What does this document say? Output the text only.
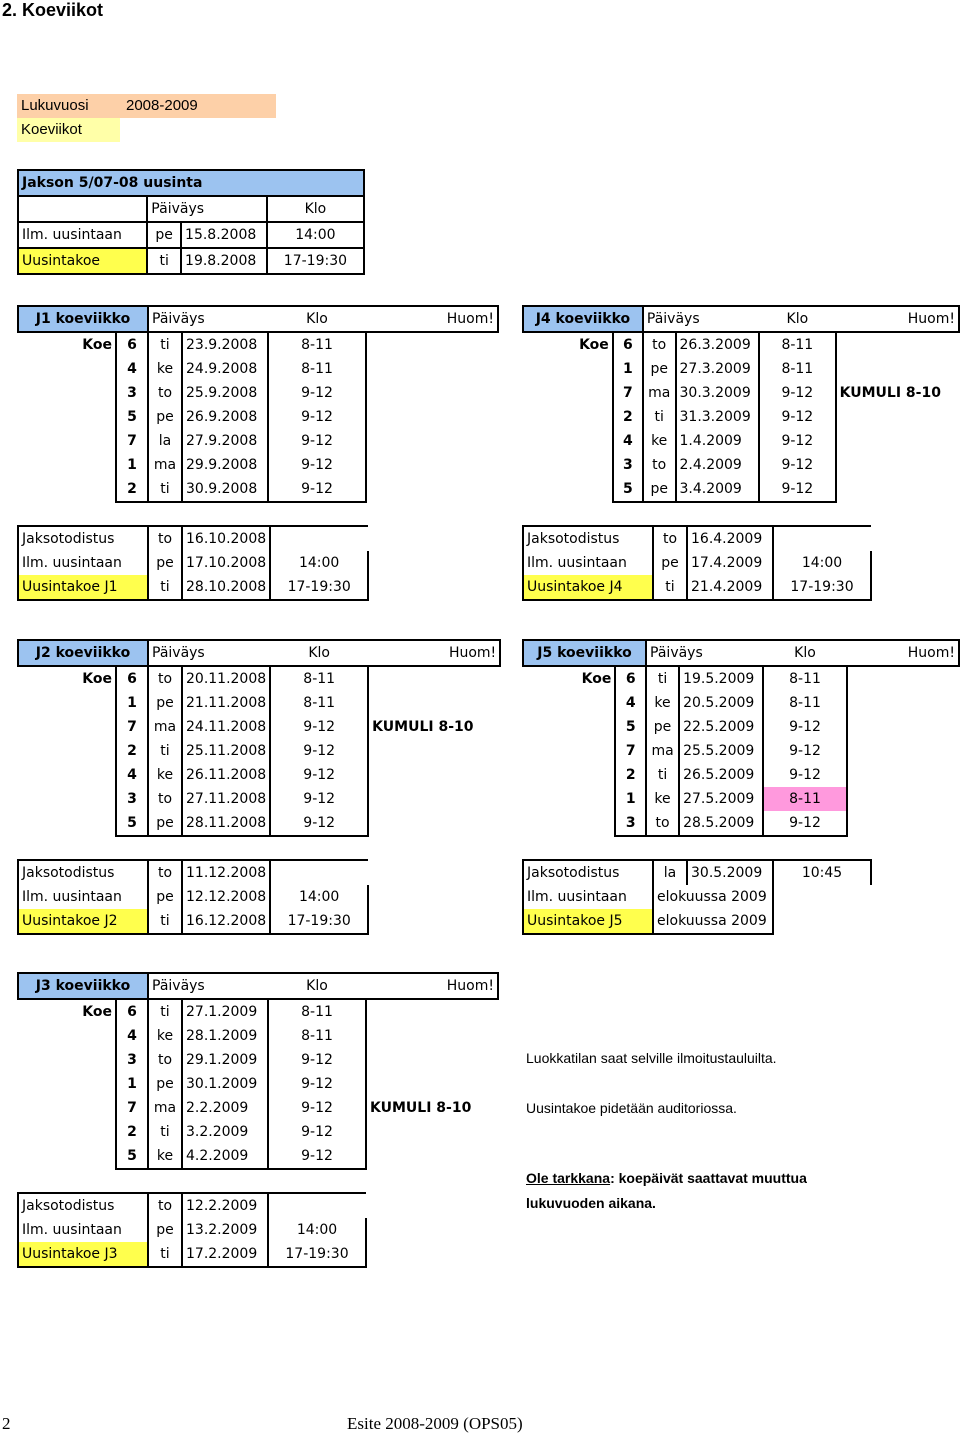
2. Koeviikot
Lukuvuosi 2008-2009
Koeviikot
Jakson 5/07-08 uusinta			
	Päiväys		Klo
Ilm. uusintaan	pe	15.8.2008	14:00
Uusintakoe	ti	19.8.2008	17-19:30
J1 koeviikko		Päiväys		Klo	Huom!
Koe	6	ti	23.9.2008	8-11	
	4	ke	24.9.2008	8-11	
	3	to	25.9.2008	9-12	
	5	pe	26.9.2008	9-12	
	7	la	27.9.2008	9-12	
	1	ma	29.9.2008	9-12	
	2	ti	30.9.2008	9-12	
Jaksotodistus	to	16.10.2008	
Ilm. uusintaan	pe	17.10.2008	14:00
Uusintakoe J1	ti	28.10.2008	17-19:30
J4 koeviikko		Päiväys		Klo	Huom!
Koe	6	to	26.3.2009	8-11	
	1	pe	27.3.2009	8-11	
	7	ma	30.3.2009	9-12	KUMULI 8-10
	2	ti	31.3.2009	9-12	
	4	ke	1.4.2009	9-12	
	3	to	2.4.2009	9-12	
	5	pe	3.4.2009	9-12	
Jaksotodistus	to	16.4.2009	
Ilm. uusintaan	pe	17.4.2009	14:00
Uusintakoe J4	ti	21.4.2009	17-19:30
J2 koeviikko		Päiväys		Klo	Huom!
Koe	6	to	20.11.2008	8-11	
	1	pe	21.11.2008	8-11	
	7	ma	24.11.2008	9-12	KUMULI 8-10
	2	ti	25.11.2008	9-12	
	4	ke	26.11.2008	9-12	
	3	to	27.11.2008	9-12	
	5	pe	28.11.2008	9-12	
Jaksotodistus	to	11.12.2008	
Ilm. uusintaan	pe	12.12.2008	14:00
Uusintakoe J2	ti	16.12.2008	17-19:30
J5 koeviikko		Päiväys		Klo	Huom!
Koe	6	ti	19.5.2009	8-11	
	4	ke	20.5.2009	8-11	
	5	pe	22.5.2009	9-12	
	7	ma	25.5.2009	9-12	
	2	ti	26.5.2009	9-12	
	1	ke	27.5.2009	8-11	
	3	to	28.5.2009	9-12	
Jaksotodistus	la	30.5.2009	10:45
Ilm. uusintaan	elokuussa 2009		
Uusintakoe J5	elokuussa 2009		
J3 koeviikko		Päiväys		Klo	Huom!
Koe	6	ti	27.1.2009	8-11	
	4	ke	28.1.2009	8-11	
	3	to	29.1.2009	9-12	
	1	pe	30.1.2009	9-12	
	7	ma	2.2.2009	9-12	KUMULI 8-10
	2	ti	3.2.2009	9-12	
	5	ke	4.2.2009	9-12	
Jaksotodistus	to	12.2.2009	
Ilm. uusintaan	pe	13.2.2009	14:00
Uusintakoe J3	ti	17.2.2009	17-19:30
Luokkatilan saat selville ilmoitustauluilta.
Uusintakoe pidetään auditoriossa.
Ole tarkkana: koepäivät saattavat muuttua
lukuvuoden aikana.
2	Esite 2008-2009 (OPS05)
